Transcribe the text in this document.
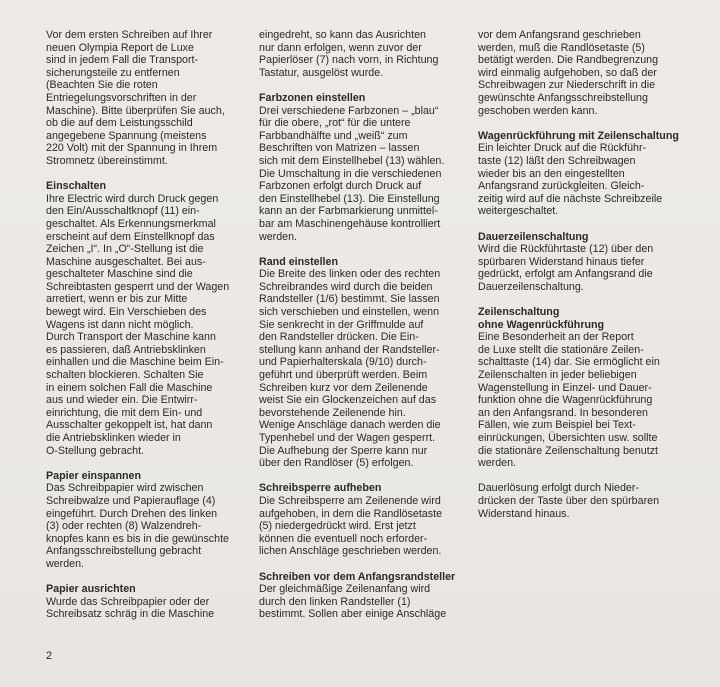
Vor dem ersten Schreiben auf Ihrer
neuen Olympia Report de Luxe
sind in jedem Fall die Transport-
sicherungsteile zu entfernen
(Beachten Sie die roten
Entriegelungsvorschriften in der
Maschine). Bitte überprüfen Sie auch,
ob die auf dem Leistungsschild
angegebene Spannung (meistens
220 Volt) mit der Spannung in Ihrem
Stromnetz übereinstimmt.

Einschalten

Ihre Electric wird durch Druck gegen
den Ein/Ausschaltknopf (11) ein-
geschaltet. Als Erkennungsmerkmal
erscheint auf dem Einstellknopf das
Zeichen „I“. In „O“-Stellung ist die
Maschine ausgeschaltet. Bei aus-
geschalteter Maschine sind die
Schreibtasten gesperrt und der Wagen
arretiert, wenn er bis zur Mitte
bewegt wird. Ein Verschieben des
Wagens ist dann nicht möglich.
Durch Transport der Maschine kann
es passieren, daß Antriebsklinken
einhallen und die Maschine beim Ein-
schalten blockieren. Schalten Sie
in einem solchen Fall die Maschine
aus und wieder ein. Die Entwirr-
einrichtung, die mit dem Ein- und
Ausschalter gekoppelt ist, hat dann
die Antriebsklinken wieder in
O-Stellung gebracht.

Papier einspannen

Das Schreibpapier wird zwischen
Schreibwalze und Papierauflage (4)
eingeführt. Durch Drehen des linken
(3) oder rechten (8) Walzendreh-
knopfes kann es bis in die gewünschte
Anfangsschreibstellung gebracht
werden.

Papier ausrichten

Wurde das Schreibpapier oder der
Schreibsatz schräg in die Maschine

eingedreht, so kann das Ausrichten
nur dann erfolgen, wenn zuvor der
Papierlöser (7) nach vorn, in Richtung
Tastatur, ausgelöst wurde.

Farbzonen einstellen

Drei verschiedene Farbzonen – „blau“
für die obere, „rot“ für die untere
Farbbandhälfte und „weiß“ zum
Beschriften von Matrizen – lassen
sich mit dem Einstellhebel (13) wählen.
Die Umschaltung in die verschiedenen
Farbzonen erfolgt durch Druck auf
den Einstellhebel (13). Die Einstellung
kann an der Farbmarkierung unmittel-
bar am Maschinengehäuse kontrolliert
werden.

Rand einstellen

Die Breite des linken oder des rechten
Schreibrandes wird durch die beiden
Randsteller (1/6) bestimmt. Sie lassen
sich verschieben und einstellen, wenn
Sie senkrecht in der Griffmulde auf
den Randsteller drücken. Die Ein-
stellung kann anhand der Randsteller-
und Papierhalterskala (9/10) durch-
geführt und überprüft werden. Beim
Schreiben kurz vor dem Zeilenende
weist Sie ein Glockenzeichen auf das
bevorstehende Zeilenende hin.
Wenige Anschläge danach werden die
Typenhebel und der Wagen gesperrt.
Die Aufhebung der Sperre kann nur
über den Randlöser (5) erfolgen.

Schreibsperre aufheben

Die Schreibsperre am Zeilenende wird
aufgehoben, in dem die Randlösetaste
(5) niedergedrückt wird. Erst jetzt
können die eventuell noch erforder-
lichen Anschläge geschrieben werden.

Schreiben vor dem Anfangsrandsteller

Der gleichmäßige Zeilenanfang wird
durch den linken Randsteller (1)
bestimmt. Sollen aber einige Anschläge

vor dem Anfangsrand geschrieben
werden, muß die Randlösetaste (5)
betätigt werden. Die Randbegrenzung
wird einmalig aufgehoben, so daß der
Schreibwagen zur Niederschrift in die
gewünschte Anfangsschreibstellung
geschoben werden kann.

Wagenrückführung mit Zeilenschaltung

Ein leichter Druck auf die Rückführ-
taste (12) läßt den Schreibwagen
wieder bis an den eingestellten
Anfangsrand zurückgleiten. Gleich-
zeitig wird auf die nächste Schreibzeile
weitergeschaltet.

Dauerzeilenschaltung

Wird die Rückführtaste (12) über den
spürbaren Widerstand hinaus tiefer
gedrückt, erfolgt am Anfangsrand die
Dauerzeilenschaltung.

Zeilenschaltung
ohne Wagenrückführung

Eine Besonderheit an der Report
de Luxe stellt die stationäre Zeilen-
schalttaste (14) dar. Sie ermöglicht ein
Zeilenschalten in jeder beliebigen
Wagenstellung in Einzel- und Dauer-
funktion ohne die Wagenrückführung
an den Anfangsrand. In besonderen
Fällen, wie zum Beispiel bei Text-
einrückungen, Übersichten usw. sollte
die stationäre Zeilenschaltung benutzt
werden.

Dauerlösung erfolgt durch Nieder-
drücken der Taste über den spürbaren
Widerstand hinaus.

2
